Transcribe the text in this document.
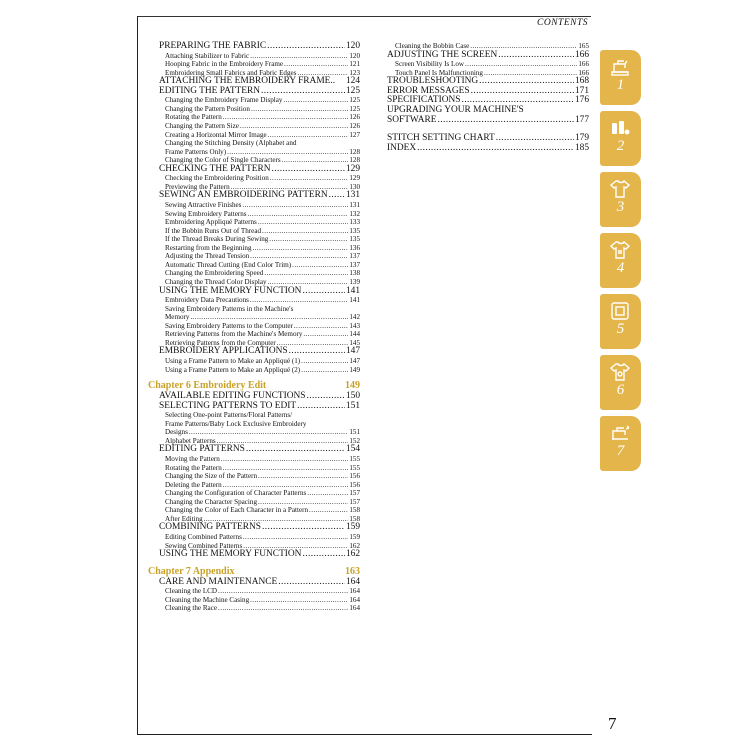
CONTENTS
PREPARING THE FABRIC .....	120
Attaching Stabilizer to Fabric .....	120
Hooping Fabric in the Embroidery Frame .....	121
Embroidering Small Fabrics and Fabric Edges .....	123
ATTACHING THE EMBROIDERY FRAME.. 124
EDITING THE PATTERN .....	125
Changing the Embroidery Frame Display .....	125
Changing the Pattern Position .....	125
Rotating the Pattern .....	126
Changing the Pattern Size .....	126
Creating a Horizontal Mirror Image .....	127
Changing the Stitching Density (Alphabet and
Frame Patterns Only) .....	128
Changing the Color of Single Characters .....	128
CHECKING THE PATTERN .....	129
Checking the Embroidering Position .....	129
Previewing the Pattern .....	130
SEWING AN EMBROIDERING PATTERN ..... 131
Sewing Attractive Finishes .....	131
Sewing Embroidery Patterns .....	132
Embroidering Appliqué Patterns .....	133
If the Bobbin Runs Out of Thread .....	135
If the Thread Breaks During Sewing .....	135
Restarting from the Beginning .....	136
Adjusting the Thread Tension .....	137
Automatic Thread Cutting (End Color Trim) .....	137
Changing the Embroidering Speed .....	138
Changing the Thread Color Display .....	139
USING THE MEMORY FUNCTION .....	141
Embroidery Data Precautions .....	141
Saving Embroidery Patterns in the Machine's
Memory .....	142
Saving Embroidery Patterns to the Computer .....	143
Retrieving Patterns from the Machine's Memory .....	144
Retrieving Patterns from the Computer .....	145
EMBROIDERY APPLICATIONS .....	147
Using a Frame Pattern to Make an Appliqué (1) .....	147
Using a Frame Pattern to Make an Appliqué (2) .....	149
Chapter 6 Embroidery Edit	149
AVAILABLE EDITING FUNCTIONS .....	150
SELECTING PATTERNS TO EDIT .....	151
Selecting One-point Patterns/Floral Patterns/
Frame Patterns/Baby Lock Exclusive Embroidery
Designs .....	151
Alphabet Patterns .....	152
EDITING PATTERNS .....	154
Moving the Pattern .....	155
Rotating the Pattern .....	155
Changing the Size of the Pattern .....	156
Deleting the Pattern .....	156
Changing the Configuration of Character Patterns .....	157
Changing the Character Spacing .....	157
Changing the Color of Each Character in a Pattern .....	158
After Editing .....	158
COMBINING PATTERNS .....	159
Editing Combined Patterns .....	159
Sewing Combined Patterns .....	162
USING THE MEMORY FUNCTION .....	162
Chapter 7 Appendix	163
CARE AND MAINTENANCE .....	164
Cleaning the LCD .....	164
Cleaning the Machine Casing .....	164
Cleaning the Race .....	164
Cleaning the Bobbin Case .....	165
ADJUSTING THE SCREEN .....	166
Screen Visibility Is Low .....	166
Touch Panel Is Malfunctioning .....	166
TROUBLESHOOTING .....	168
ERROR MESSAGES .....	171
SPECIFICATIONS .....	176
UPGRADING YOUR MACHINE'S
SOFTWARE .....	177
STITCH SETTING CHART .....	179
INDEX .....	185
1
2
3
4
5
6
7
7
